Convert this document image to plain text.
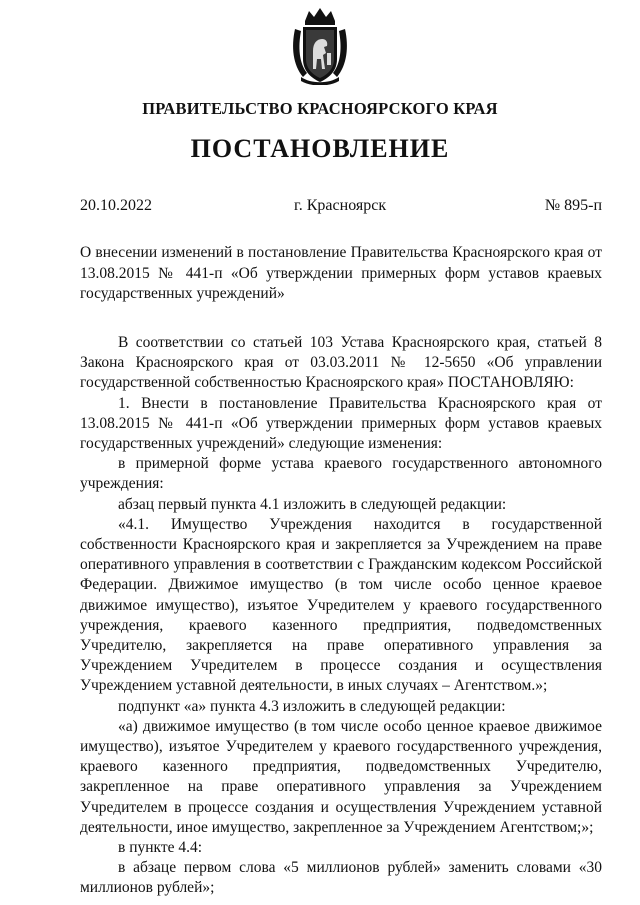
ПРАВИТЕЛЬСТВО КРАСНОЯРСКОГО КРАЯ
ПОСТАНОВЛЕНИЕ
20.10.2022	г. Красноярск	№ 895-п
О внесении изменений в постановление Правительства Красноярского края от 13.08.2015 № 441-п «Об утверждении примерных форм уставов краевых государственных учреждений»

В соответствии со статьей 103 Устава Красноярского края, статьей 8 Закона Красноярского края от 03.03.2011 № 12-5650 «Об управлении государственной собственностью Красноярского края» ПОСТАНОВЛЯЮ:

1. Внести в постановление Правительства Красноярского края от 13.08.2015 № 441-п «Об утверждении примерных форм уставов краевых государственных учреждений» следующие изменения:

в примерной форме устава краевого государственного автономного учреждения:

абзац первый пункта 4.1 изложить в следующей редакции:

«4.1. Имущество Учреждения находится в государственной собственности Красноярского края и закрепляется за Учреждением на праве оперативного управления в соответствии с Гражданским кодексом Российской Федерации. Движимое имущество (в том числе особо ценное краевое движимое имущество), изъятое Учредителем у краевого государственного учреждения, краевого казенного предприятия, подведомственных Учредителю, закрепляется на праве оперативного управления за Учреждением Учредителем в процессе создания и осуществления Учреждением уставной деятельности, в иных случаях – Агентством.»;

подпункт «а» пункта 4.3 изложить в следующей редакции:

«а) движимое имущество (в том числе особо ценное краевое движимое имущество), изъятое Учредителем у краевого государственного учреждения, краевого казенного предприятия, подведомственных Учредителю, закрепленное на праве оперативного управления за Учреждением Учредителем в процессе создания и осуществления Учреждением уставной деятельности, иное имущество, закрепленное за Учреждением Агентством;»;

в пункте 4.4:

в абзаце первом слова «5 миллионов рублей» заменить словами «30 миллионов рублей»;
